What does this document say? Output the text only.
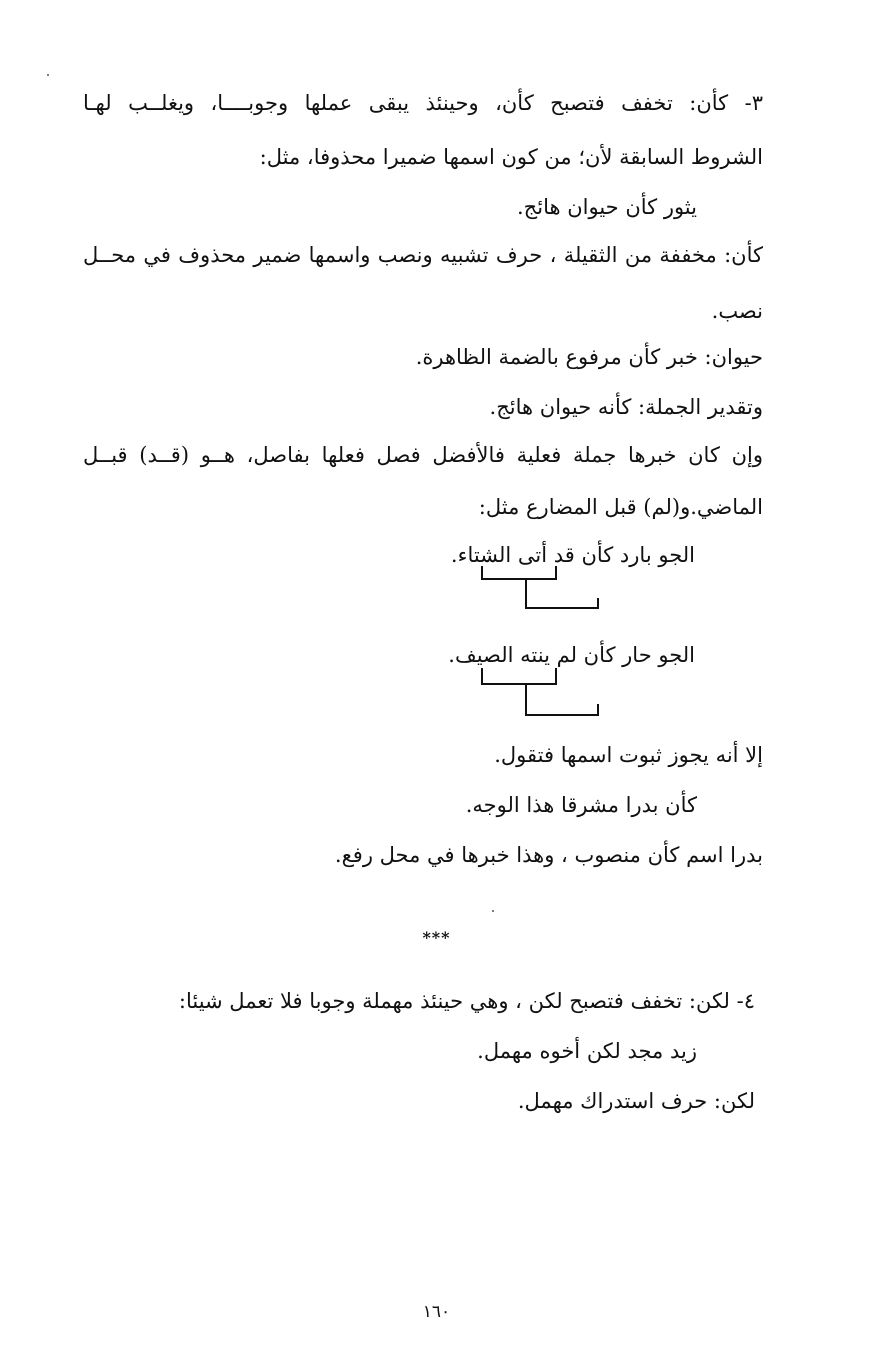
٣- كأن: تخفف فتصبح كأن، وحينئذ يبقى عملها وجوبــــا، ويغلــب لهـا
الشروط السابقة لأن؛ من كون اسمها ضميرا محذوفا، مثل:
يثور كأن حيوان هائج.
كأن: مخففة من الثقيلة ، حرف تشبيه ونصب واسمها ضمير محذوف في محــل
نصب.
حيوان: خبر كأن مرفوع بالضمة الظاهرة.
وتقدير الجملة: كأنه حيوان هائج.
وإن كان خبرها جملة فعلية فالأفضل فصل فعلها بفاصل، هــو (قــد) قبــل
الماضي.و(لم) قبل المضارع مثل:
الجو بارد كأن قد أتى الشتاء.
الجو حار كأن لم ينته الصيف.
إلا أنه يجوز ثبوت اسمها فتقول.
كأن بدرا مشرقا هذا الوجه.
بدرا اسم كأن منصوب ، وهذا خبرها في محل رفع.
***
٤- لكن: تخفف فتصبح لكن ، وهي حينئذ مهملة وجوبا فلا تعمل شيئا:
زيد مجد لكن أخوه مهمل.
لكن: حرف استدراك مهمل.
١٦٠
